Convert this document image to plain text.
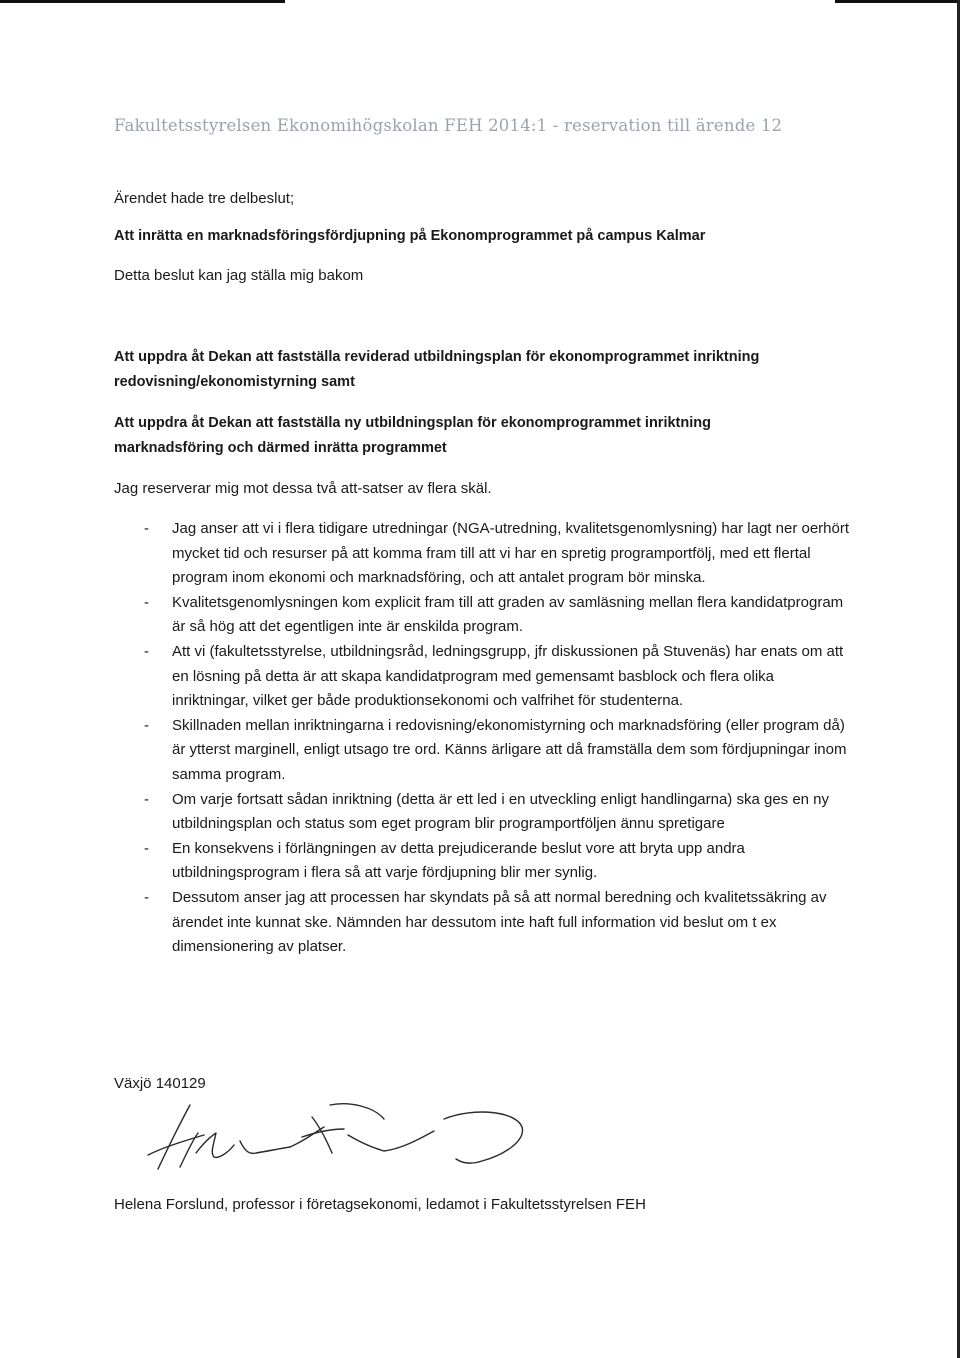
Fakultetsstyrelsen Ekonomihögskolan FEH 2014:1 - reservation till ärende 12

Ärendet hade tre delbeslut;

Att inrätta en marknadsföringsfördjupning på Ekonomprogrammet på campus Kalmar

Detta beslut kan jag ställa mig bakom

Att uppdra åt Dekan att fastställa reviderad utbildningsplan för ekonomprogrammet inriktning redovisning/ekonomistyrning samt

Att uppdra åt Dekan att fastställa ny utbildningsplan för ekonomprogrammet inriktning marknadsföring och därmed inrätta programmet

Jag reserverar mig mot dessa två att-satser av flera skäl.

- Jag anser att vi i flera tidigare utredningar (NGA-utredning, kvalitetsgenomlysning) har lagt ner oerhört mycket tid och resurser på att komma fram till att vi har en spretig programportfölj, med ett flertal program inom ekonomi och marknadsföring, och att antalet program bör minska.
- Kvalitetsgenomlysningen kom explicit fram till att graden av samläsning mellan flera kandidatprogram är så hög att det egentligen inte är enskilda program.
- Att vi (fakultetsstyrelse, utbildningsråd, ledningsgrupp, jfr diskussionen på Stuvenäs) har enats om att en lösning på detta är att skapa kandidatprogram med gemensamt basblock och flera olika inriktningar, vilket ger både produktionsekonomi och valfrihet för studenterna.
- Skillnaden mellan inriktningarna i redovisning/ekonomistyrning och marknadsföring (eller program då) är ytterst marginell, enligt utsago tre ord. Känns ärligare att då framställa dem som fördjupningar inom samma program.
- Om varje fortsatt sådan inriktning (detta är ett led i en utveckling enligt handlingarna) ska ges en ny utbildningsplan och status som eget program blir programportföljen ännu spretigare
- En konsekvens i förlängningen av detta prejudicerande beslut vore att bryta upp andra utbildningsprogram i flera så att varje fördjupning blir mer synlig.
- Dessutom anser jag att processen har skyndats på så att normal beredning och kvalitetssäkring av ärendet inte kunnat ske. Nämnden har dessutom inte haft full information vid beslut om t ex dimensionering av platser.

Växjö 140129

Helena Forslund, professor i företagsekonomi, ledamot i Fakultetsstyrelsen FEH
